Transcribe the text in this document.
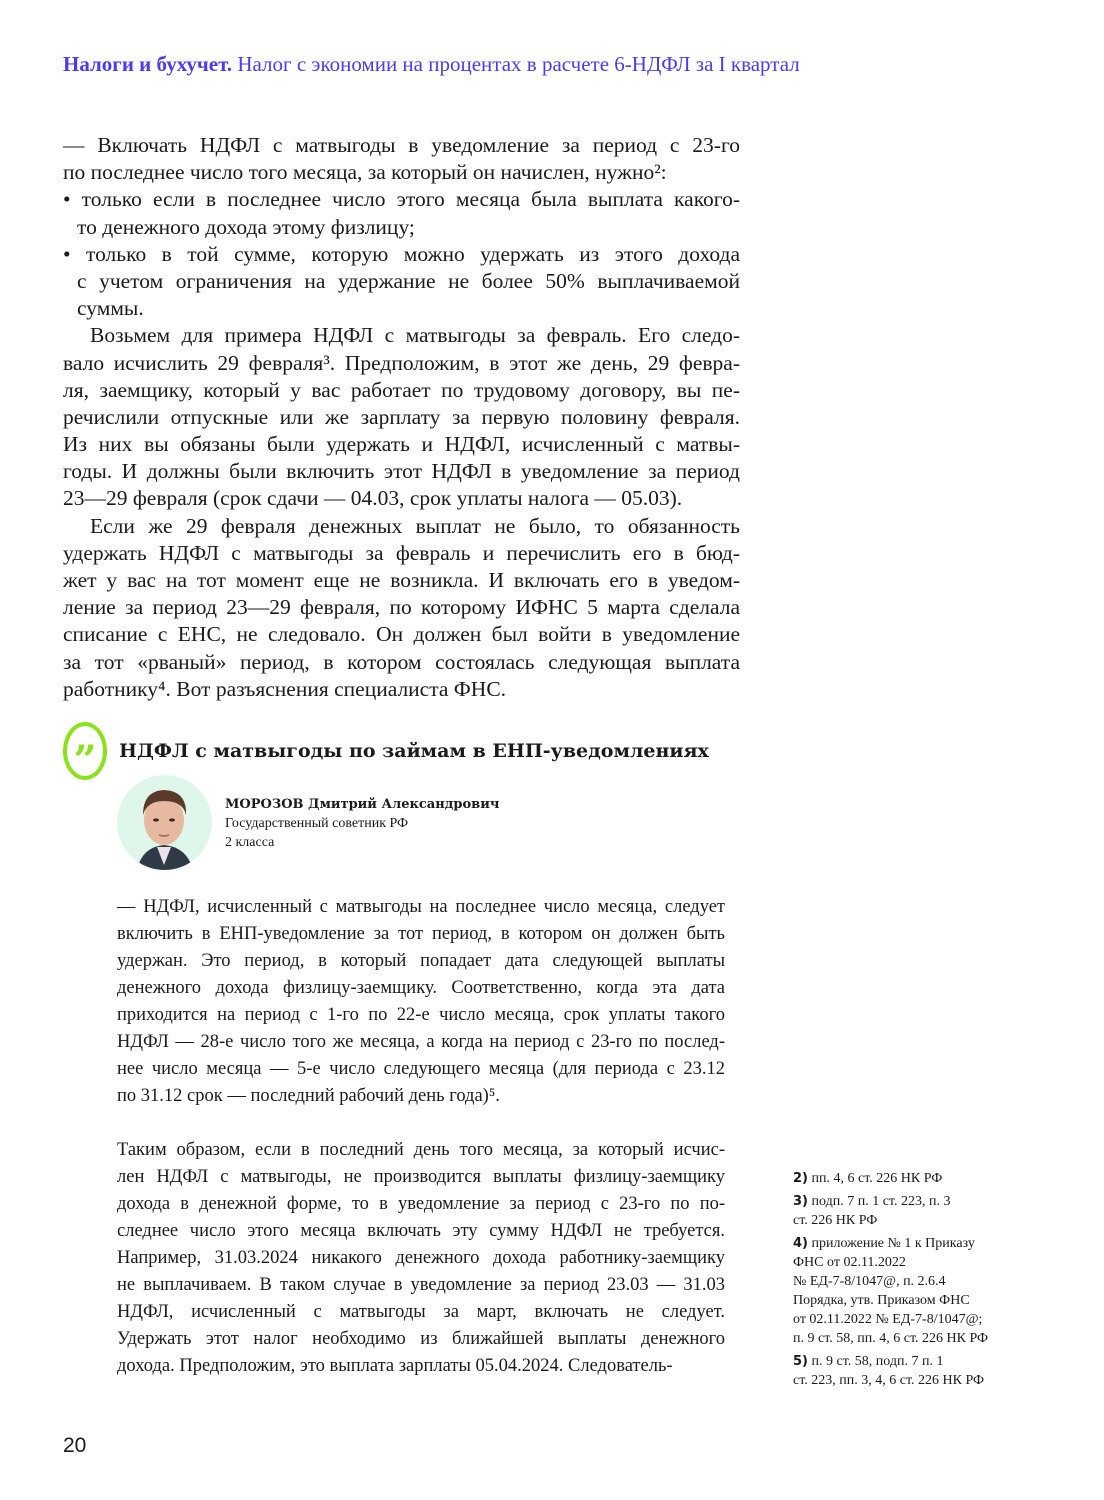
Налоги и бухучет. Налог с экономии на процентах в расчете 6-НДФЛ за I квартал
— Включать НДФЛ с матвыгоды в уведомление за период с 23-го
по последнее число того месяца, за который он начислен, нужно²:
• только если в последнее число этого месяца была выплата какого-
то денежного дохода этому физлицу;
• только в той сумме, которую можно удержать из этого дохода
с учетом ограничения на удержание не более 50% выплачиваемой
суммы.
Возьмем для примера НДФЛ с матвыгоды за февраль. Его следо-
вало исчислить 29 февраля³. Предположим, в этот же день, 29 февра-
ля, заемщику, который у вас работает по трудовому договору, вы пе-
речислили отпускные или же зарплату за первую половину февраля.
Из них вы обязаны были удержать и НДФЛ, исчисленный с матвы-
годы. И должны были включить этот НДФЛ в уведомление за период
23—29 февраля (срок сдачи — 04.03, срок уплаты налога — 05.03).
Если же 29 февраля денежных выплат не было, то обязанность
удержать НДФЛ с матвыгоды за февраль и перечислить его в бюд-
жет у вас на тот момент еще не возникла. И включать его в уведом-
ление за период 23—29 февраля, по которому ИФНС 5 марта сделала
списание с ЕНС, не следовало. Он должен был войти в уведомление
за тот «рваный» период, в котором состоялась следующая выплата
работнику⁴. Вот разъяснения специалиста ФНС.
” НДФЛ с матвыгоды по займам в ЕНП-уведомлениях
МОРОЗОВ Дмитрий Александрович
Государственный советник РФ
2 класса
— НДФЛ, исчисленный с матвыгоды на последнее число месяца, следует
включить в ЕНП-уведомление за тот период, в котором он должен быть
удержан. Это период, в который попадает дата следующей выплаты
денежного дохода физлицу-заемщику. Соответственно, когда эта дата
приходится на период с 1-го по 22-е число месяца, срок уплаты такого
НДФЛ — 28-е число того же месяца, а когда на период с 23-го по послед-
нее число месяца — 5-е число следующего месяца (для периода с 23.12
по 31.12 срок — последний рабочий день года)⁵.
Таким образом, если в последний день того месяца, за который исчис-
лен НДФЛ с матвыгоды, не производится выплаты физлицу-заемщику
дохода в денежной форме, то в уведомление за период с 23-го по по-
следнее число этого месяца включать эту сумму НДФЛ не требуется.
Например, 31.03.2024 никакого денежного дохода работнику-заемщику
не выплачиваем. В таком случае в уведомление за период 23.03 — 31.03
НДФЛ, исчисленный с матвыгоды за март, включать не следует.
Удержать этот налог необходимо из ближайшей выплаты денежного
дохода. Предположим, это выплата зарплаты 05.04.2024. Следователь-
2) пп. 4, 6 ст. 226 НК РФ
3) подп. 7 п. 1 ст. 223, п. 3
ст. 226 НК РФ
4) приложение № 1 к Приказу
ФНС от 02.11.2022
№ ЕД-7-8/1047@, п. 2.6.4
Порядка, утв. Приказом ФНС
от 02.11.2022 № ЕД-7-8/1047@;
п. 9 ст. 58, пп. 4, 6 ст. 226 НК РФ
5) п. 9 ст. 58, подп. 7 п. 1
ст. 223, пп. 3, 4, 6 ст. 226 НК РФ
20
